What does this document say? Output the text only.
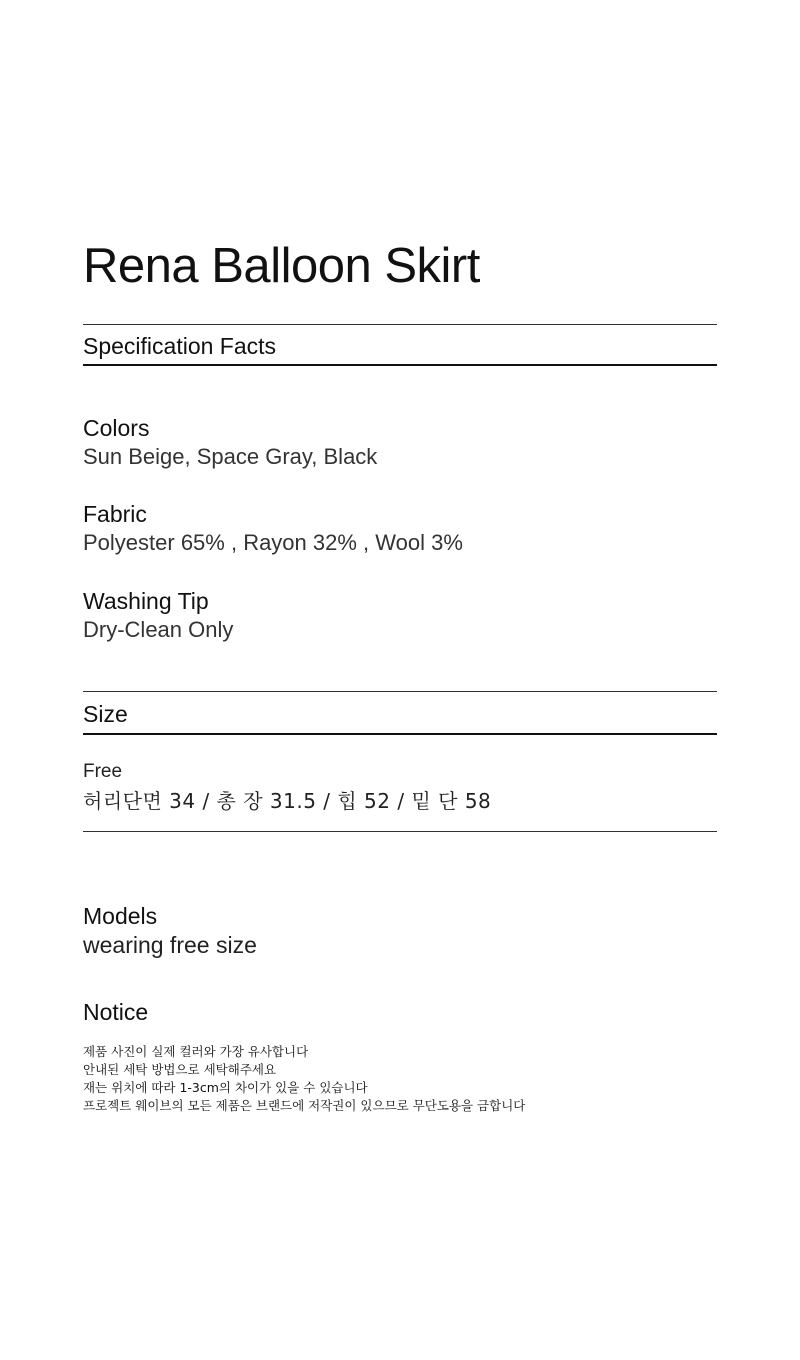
Rena Balloon Skirt
Specification Facts
Colors
Sun Beige, Space Gray, Black
Fabric
Polyester 65% , Rayon 32% , Wool 3%
Washing Tip
Dry-Clean Only
Size
Free
허리단면 34 / 총 장 31.5 / 힙 52 / 밑 단 58
Models
wearing free size
Notice
제품 사진이 실제 컬러와 가장 유사합니다
안내된 세탁 방법으로 세탁해주세요
재는 위치에 따라 1-3cm의 차이가 있을 수 있습니다
프로젝트 웨이브의 모든 제품은 브랜드에 저작권이 있으므로 무단도용을 금합니다
